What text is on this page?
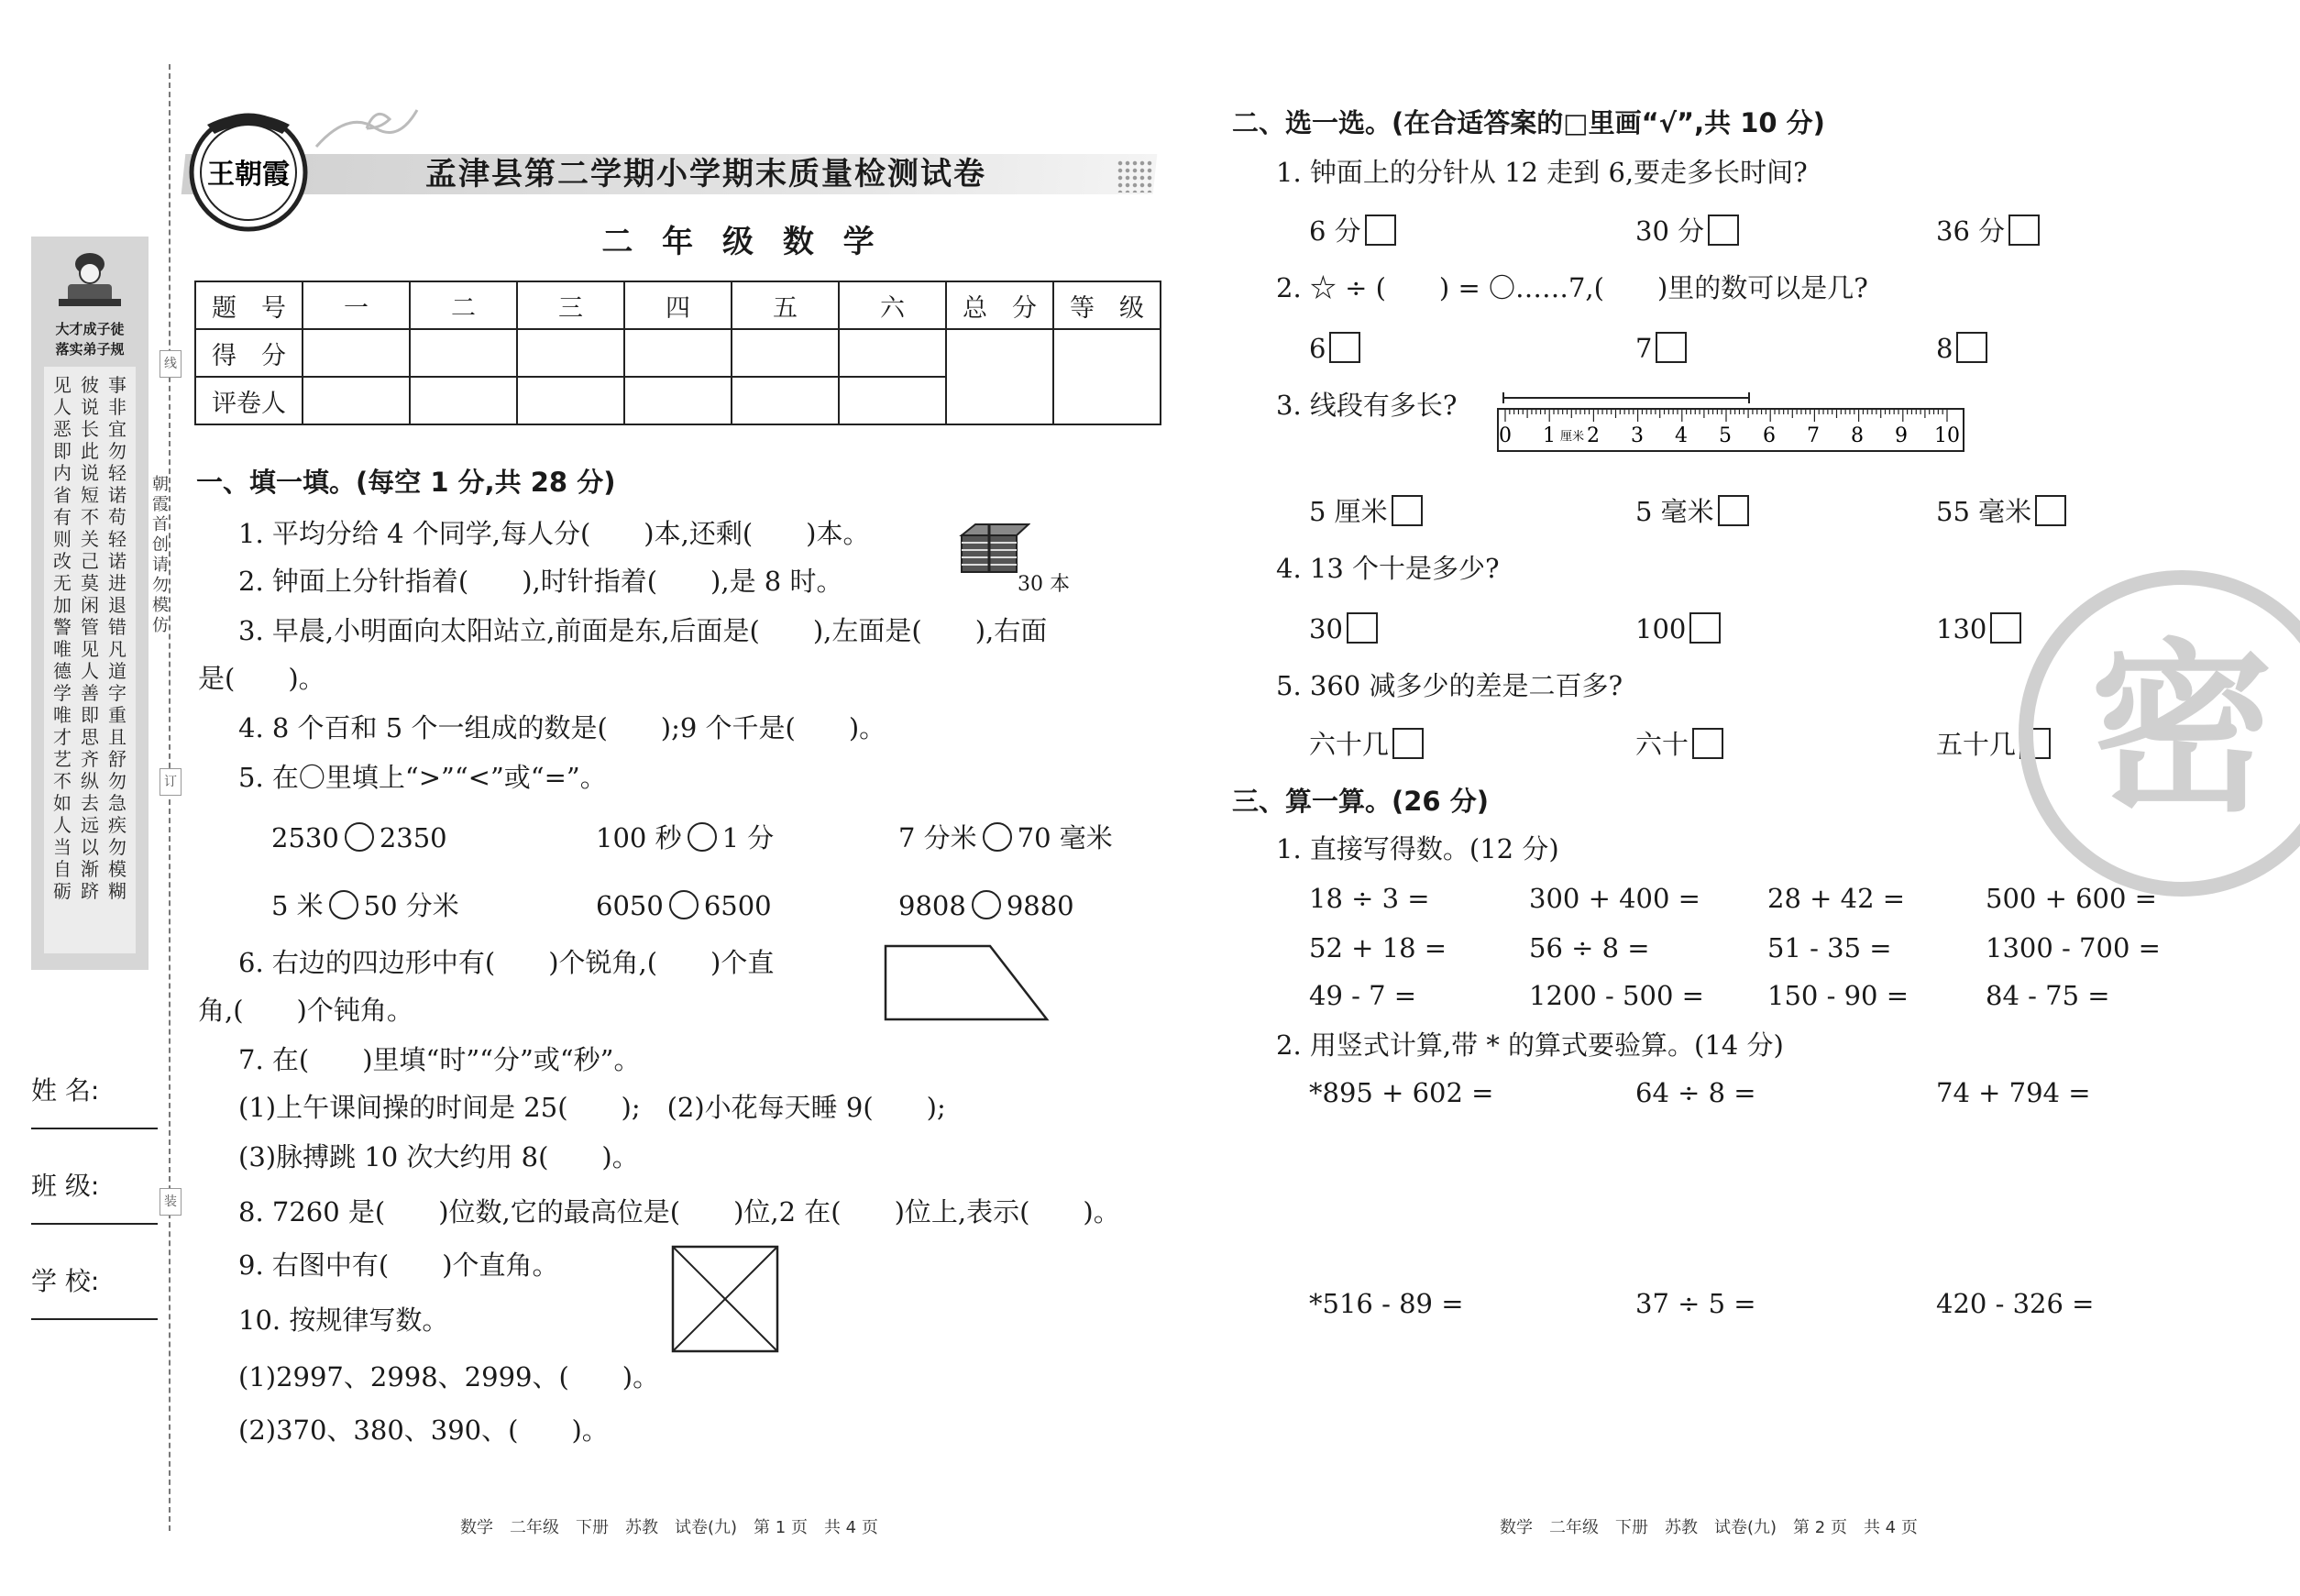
大才成子徒
落实弟子规
见人恶即内省有则改无加警唯德学唯才艺不如人当自砺
彼说长此说短不关己莫闲管见人善即思齐纵去远以渐跻
事非宜勿轻诺苟轻诺进退错凡道字重且舒勿急疾勿模糊
线
订
装
朝霞首创请勿模仿
姓 名:
班 级:
学 校:
王朝霞	孟津县第二学期小学期末质量检测试卷
二 年 级 数 学
题　号	一	二	三	四	五	六	总　分	等　级
得　分								
评卷人								
一、填一填。(每空 1 分,共 28 分)
1. 平均分给 4 个同学,每人分(　　)本,还剩(　　)本。
30 本
2. 钟面上分针指着(　　),时针指着(　　),是 8 时。
3. 早晨,小明面向太阳站立,前面是东,后面是(　　),左面是(　　),右面
是(　　)。
4. 8 个百和 5 个一组成的数是(　　);9 个千是(　　)。
5. 在〇里填上“>”“<”或“=”。
2530 2350	100 秒 1 分	7 分米 70 毫米
5 米 50 分米	6050 6500	9808 9880
6. 右边的四边形中有(　　)个锐角,(　　)个直
角,(　　)个钝角。
7. 在(　　)里填“时”“分”或“秒”。
(1)上午课间操的时间是 25(　　);　(2)小花每天睡 9(　　);
(3)脉搏跳 10 次大约用 8(　　)。
8. 7260 是(　　)位数,它的最高位是(　　)位,2 在(　　)位上,表示(　　)。
9. 右图中有(　　)个直角。
10. 按规律写数。
(1)2997、2998、2999、(　　)。
(2)370、380、390、(　　)。
数学　二年级　下册　苏教　试卷(九)　第 1 页　共 4 页
二、选一选。(在合适答案的□里画“√”,共 10 分)
1. 钟面上的分针从 12 走到 6,要走多长时间?
6 分	30 分	36 分
2. ☆ ÷ (　　) = 〇……7,(　　)里的数可以是几?
6	7	8
3. 线段有多长?
0 1 厘米 2 3 4 5 6 7 8 9 10
5 厘米	5 毫米	55 毫米
4. 13 个十是多少?
30	100	130
5. 360 减多少的差是二百多?
六十几	六十	五十几 密
三、算一算。(26 分)
1. 直接写得数。(12 分)
18 ÷ 3 =	300 + 400 =	28 + 42 =	500 + 600 =
52 + 18 =	56 ÷ 8 =	51 - 35 =	1300 - 700 =
49 - 7 =	1200 - 500 = 150 - 90 =	84 - 75 =
2. 用竖式计算,带 * 的算式要验算。(14 分)
*895 + 602 =	64 ÷ 8 =	74 + 794 =
*516 - 89 =	37 ÷ 5 =	420 - 326 =
数学　二年级　下册　苏教　试卷(九)　第 2 页　共 4 页
